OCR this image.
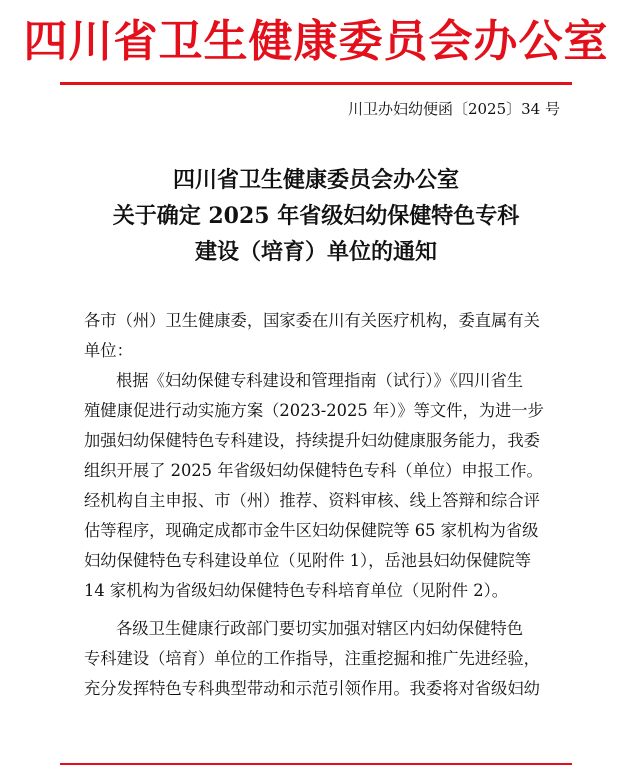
四川省卫生健康委员会办公室
川卫办妇幼便函〔2025〕34 号
四川省卫生健康委员会办公室
关于确定 2025 年省级妇幼保健特色专科
建设（培育）单位的通知
各市（州）卫生健康委，国家委在川有关医疗机构，委直属有关
单位：
根据《妇幼保健专科建设和管理指南（试行）》《四川省生
殖健康促进行动实施方案（2023-2025 年）》等文件，为进一步
加强妇幼保健特色专科建设，持续提升妇幼健康服务能力，我委
组织开展了 2025 年省级妇幼保健特色专科（单位）申报工作。
经机构自主申报、市（州）推荐、资料审核、线上答辩和综合评
估等程序，现确定成都市金牛区妇幼保健院等 65 家机构为省级
妇幼保健特色专科建设单位（见附件 1），岳池县妇幼保健院等
14 家机构为省级妇幼保健特色专科培育单位（见附件 2）。
各级卫生健康行政部门要切实加强对辖区内妇幼保健特色
专科建设（培育）单位的工作指导，注重挖掘和推广先进经验，
充分发挥特色专科典型带动和示范引领作用。我委将对省级妇幼
